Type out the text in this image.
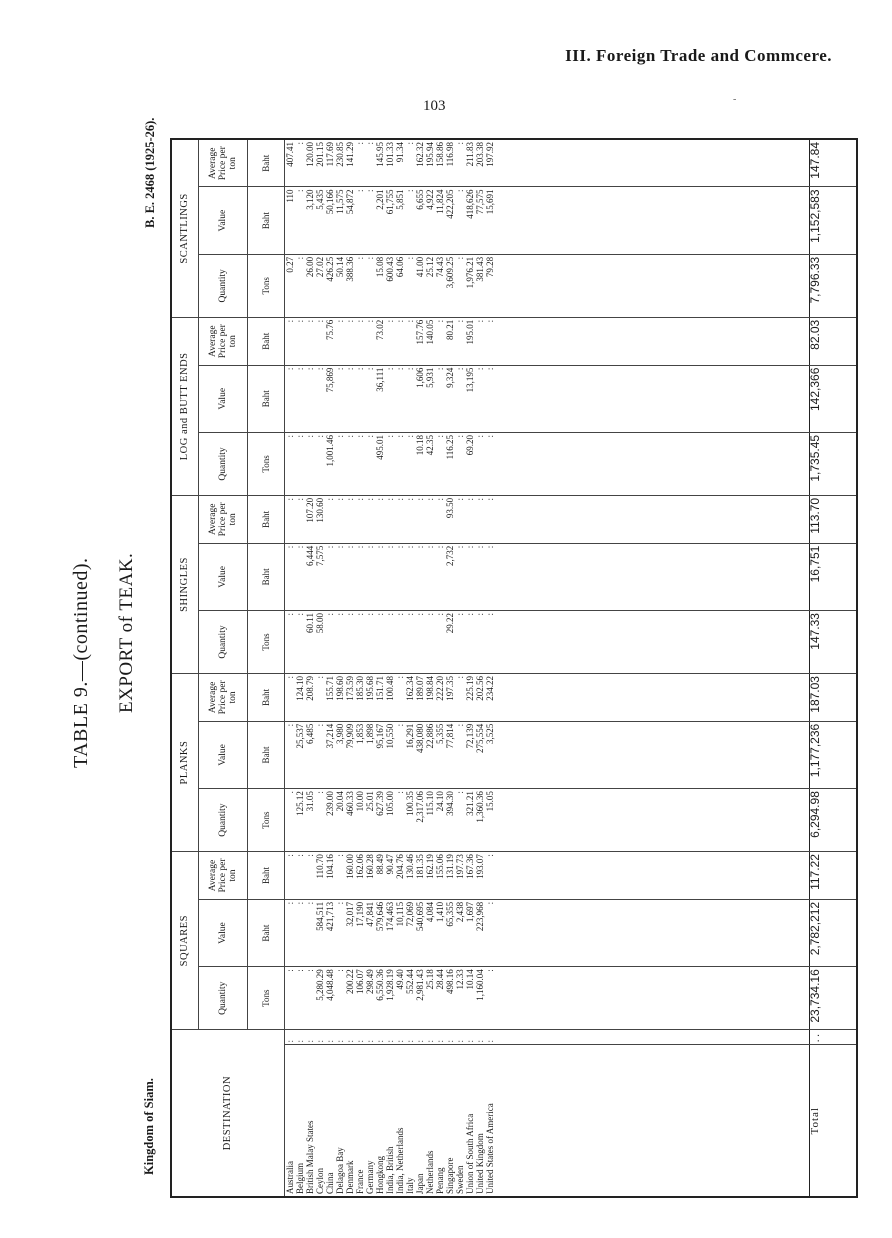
III. Foreign Trade and Commcere.
103	-
TABLE 9.—(continued). EXPORT of TEAK.
Kingdom of Siam.
B. E. 2468 (1925-26).
DESTINATION		SQUARES			PLANKS			SHINGLES			LOG and BUTT ENDS			SCANTLINGS		
		Quantity	Value	Average Price per ton	Quantity	Value	Average Price per ton	Quantity	Value	Average Price per ton	Quantity	Value	Average Price per ton	Quantity	Value	Average Price per ton
		Tons	Baht	Baht	Tons	Baht	Baht	Tons	Baht	Baht	Tons	Baht	Baht	Tons	Baht	Baht
Australia	:	:	:	:	.	:	:	:	:	:	:	:	:	0.27	110	407.41
Belgium	:	:	:	:	125.12	25,537	124.10	:	:	:	:	:	:	:	:	:
British Malay States	:	:	:	:	31.05	6,485	208.79	60.11	6,444	107.20	:	:	:	26.00	3,120	120.00
Ceylon	:	5,280.29	584,511	110.70	:	:	:	58.00	7,575	130.60	:	:	:	27.02	5,435	201.15
China	:	4,048.48	421,713	104.16	239.00	37,214	155.71	:	:	:	1,001.46	75,869	75.76	426.25	50,166	117.69
Delagoa Bay	:	:	:	:	20.04	3,980	198.60	:	:	:	:	:	:	50.14	11,575	230.85
Denmark	:	200.22	32,017	160.00	460.33	79,909	173.59	:	:	:	:	:	:	388.36	54,872	141.29
France	:	106.07	17,190	162.06	10.00	1,853	185.30	:	:	:	:	:	:	:	:	:
Germany	:	298.49	47,841	160.28	25.01	1,898	195.68	:	:	:	:	:	:	:	:	:
Hongkong	:	6,550.36	579,646	88.49	627.39	95,167	151.71	:	:	:	495.01	36,111	73.02	15.08	2,201	145.95
India, British	:	1,928.19	174,463	90.47	105.00	10,550	100.48	:	:	:	:	:	:	600.43	61,755	101.33
India, Netherlands	:	49.40	10,115	204.76	:	:	:	:	:	:	:	:	:	64.06	5,851	91.34
Italy	:	552.44	72,069	130.46	100.35	16,291	162.34	:	:	:	:	:	:	:	:	:
Japan	:	2,981.43	540,695	181.35	2,317.06	438,080	189.07	:	:	:	10.18	1,606	157.76	41.00	6,655	162.32
Netherlands	:	25.18	4,084	162.19	115.10	22,886	198.84	:	:	:	42.35	5,931	140.05	25.12	4,922	195.94
Penang	:	28.44	1,410	155.06	24.10	5,355	222.20	:	:	:	:	:	:	74.43	11,824	158.86
Singapore	:	498.16	65,355	131.19	394.30	77,814	197.35	29.22	2,732	93.50	116.25	9,324	80.21	3,609.25	422,205	116.98
Sweden	:	12.33	2,438	197.73	:	:	:	:	:	:	:	:	:	:	:	:
Union of South Africa	:	10.14	1,697	167.36	321.21	72,139	225.19	:	:	:	69.20	13,195	195.01	1,976.21	418,626	211.83
United Kingdom	:	1,160.04	223,968	193.07	1,360.36	275,554	202.56	:	:	:	:	:	:	381.43	77,575	203.38
United States of America	:	:	:	:	15.05	3,525	234.22	:	:	:	:	:	:	79.28	15,691	197.92

Total	..	23,734.16	2,782,212	117.22	6,294.98	1,177,236	187.03	147.33	16,751	113.70	1,735.45	142,366	82.03	7,796.33	1,152,583	147.84
